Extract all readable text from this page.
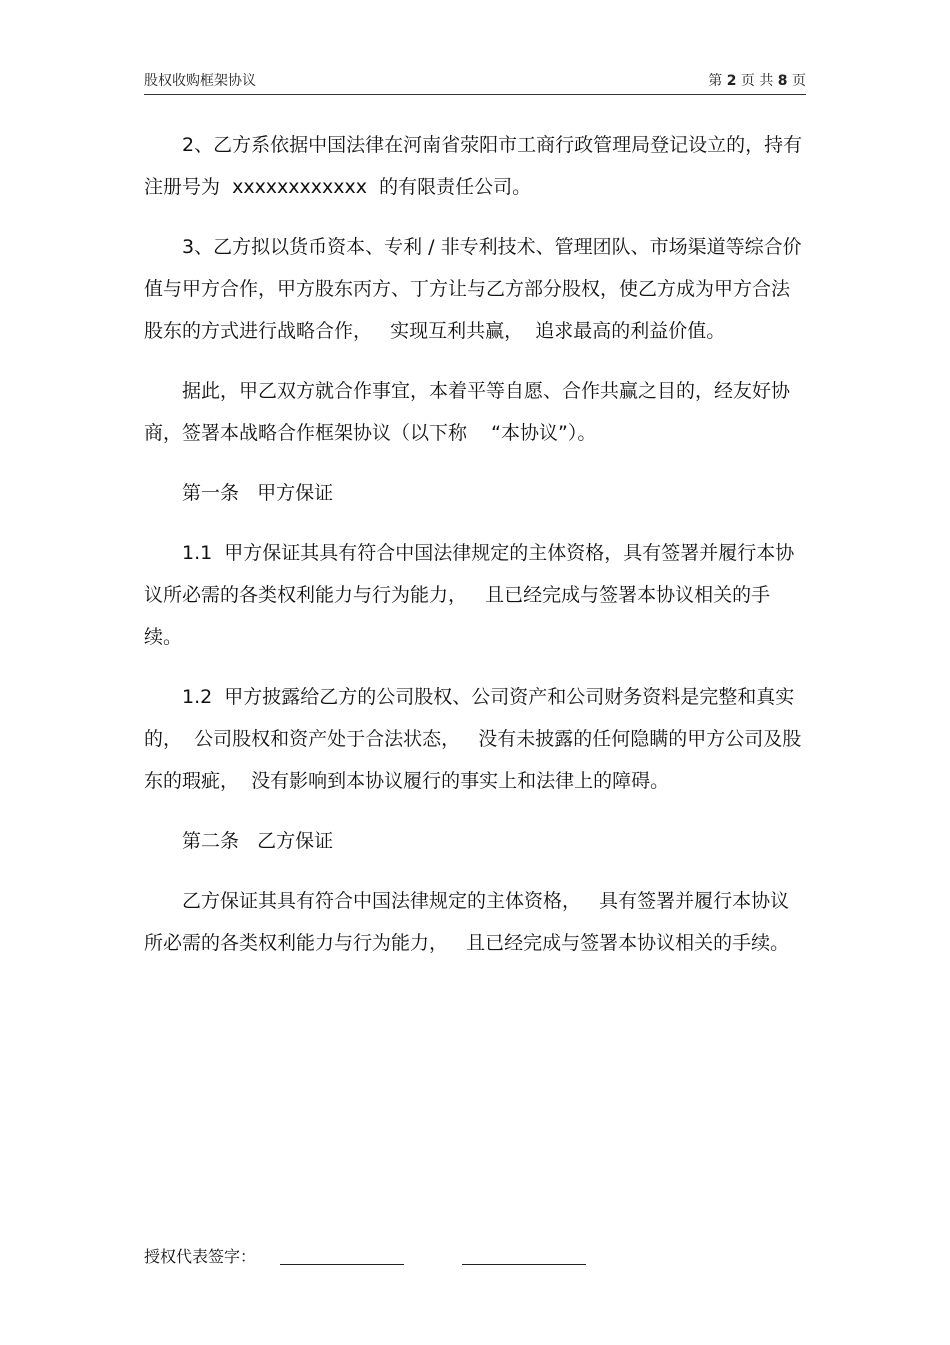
股权收购框架协议	第 2 页 共 8 页

2、乙方系依据中国法律在河南省荥阳市工商行政管理局登记设立的，持有注册号为  xxxxxxxxxxxx  的有限责任公司。

3、乙方拟以货币资本、专利 / 非专利技术、管理团队、市场渠道等综合价值与甲方合作，甲方股东丙方、丁方让与乙方部分股权，使乙方成为甲方合法股东的方式进行战略合作，   实现互利共赢，  追求最高的利益价值。

据此，甲乙双方就合作事宜，本着平等自愿、合作共赢之目的，经友好协商，签署本战略合作框架协议（以下称    “本协议”）。

第一条   甲方保证

1.1  甲方保证其具有符合中国法律规定的主体资格，具有签署并履行本协议所必需的各类权利能力与行为能力，   且已经完成与签署本协议相关的手续。

1.2  甲方披露给乙方的公司股权、公司资产和公司财务资料是完整和真实的，  公司股权和资产处于合法状态，   没有未披露的任何隐瞒的甲方公司及股东的瑕疵，  没有影响到本协议履行的事实上和法律上的障碍。

第二条   乙方保证

乙方保证其具有符合中国法律规定的主体资格，   具有签署并履行本协议所必需的各类权利能力与行为能力，   且已经完成与签署本协议相关的手续。

授权代表签字：
